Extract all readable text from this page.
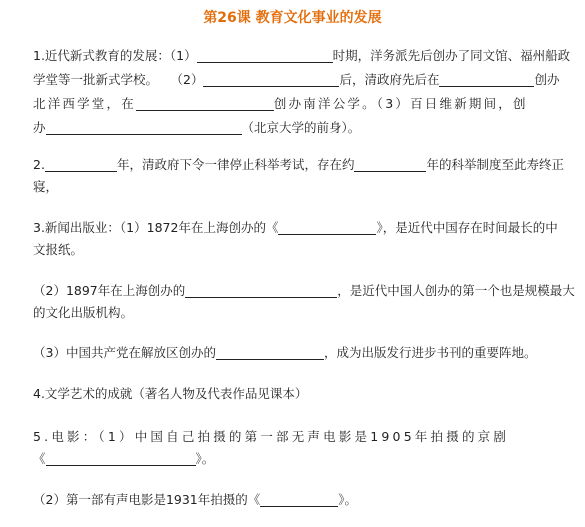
第26课 教育文化事业的发展
1.近代新式教育的发展：（1）	时期，洋务派先后创办了同文馆、福州船政
学堂等一批新式学校。　　（2）	后，清政府先后在	创办
北洋西学堂，在	创办南洋公学。（3）百日维新期间，创
办	（北京大学的前身）。
2.	年，清政府下令一律停止科举考试，存在约	年的科举制度至此寿终正
寝，
3.新闻出版业：（1）1872年在上海创办的《	》，是近代中国存在时间最长的中
文报纸。
（2）1897年在上海创办的	，是近代中国人创办的第一个也是规模最大
的文化出版机构。
（3）中国共产党在解放区创办的	，成为出版发行进步书刊的重要阵地。
4.文学艺术的成就（著名人物及代表作品见课本）
5.电影：（1）中国自己拍摄的第一部无声电影是1905年拍摄的京剧
《	》。
（2）第一部有声电影是1931年拍摄的《	》。
